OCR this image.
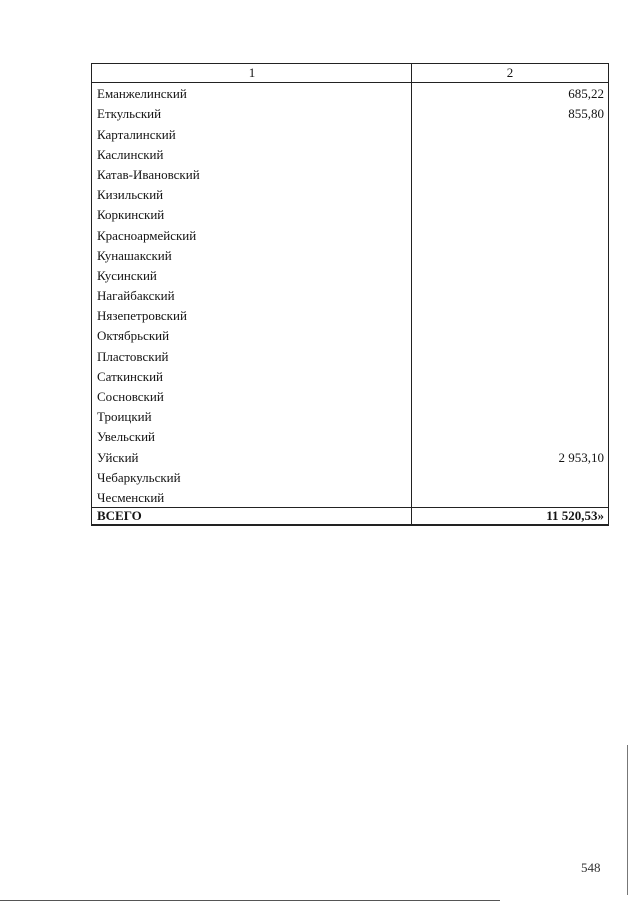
1	2
Еманжелинский	685,22
Еткульский	855,80
Карталинский	
Каслинский	
Катав-Ивановский	
Кизильский	
Коркинский	
Красноармейский	
Кунашакский	
Кусинский	
Нагайбакский	
Нязепетровский	
Октябрьский	
Пластовский	
Саткинский	
Сосновский	
Троицкий	
Увельский	
Уйский	2 953,10
Чебаркульский	
Чесменский	
ВСЕГО	11 520,53»
548
